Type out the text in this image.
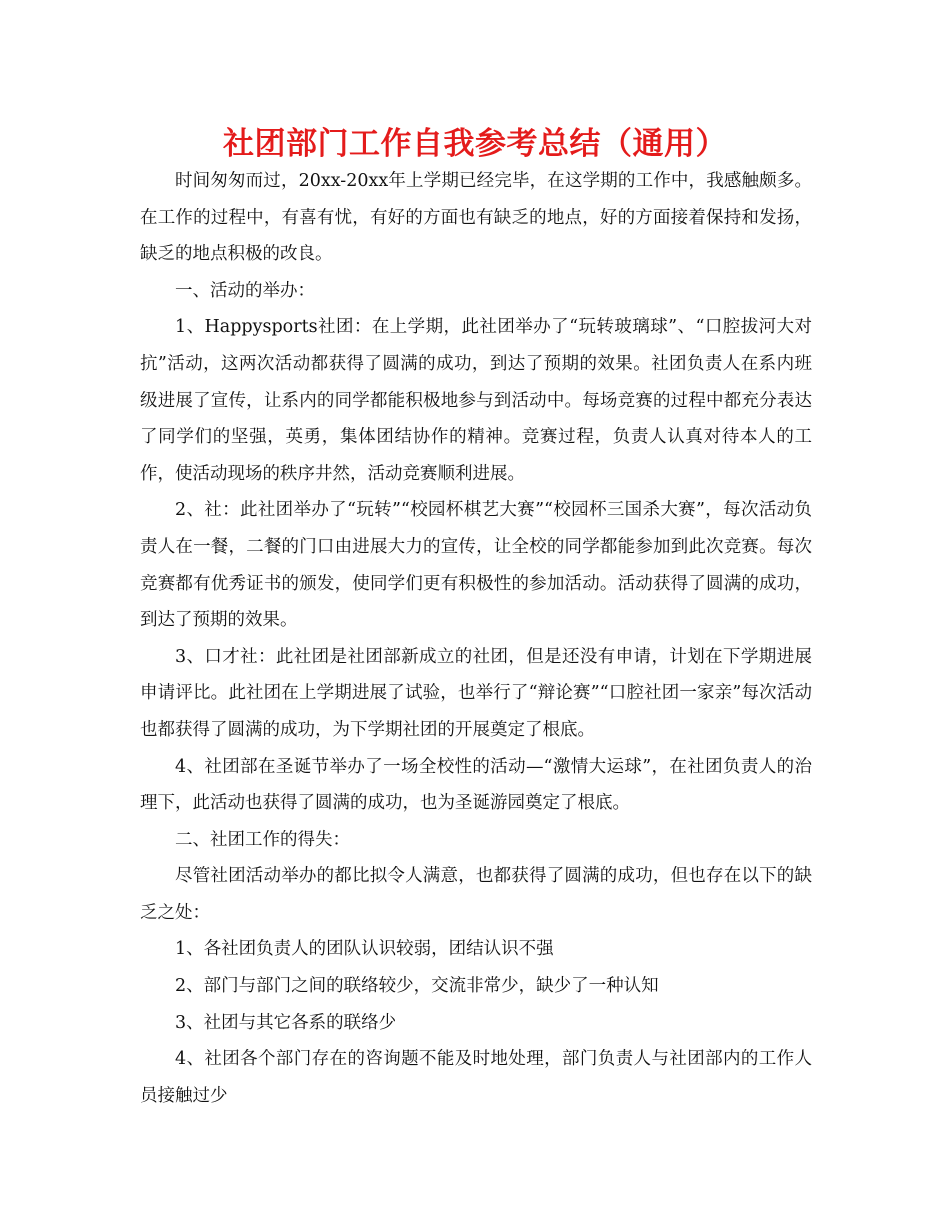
社团部门工作自我参考总结（通用）

时间匆匆而过，20xx-20xx年上学期已经完毕，在这学期的工作中，我感触颇多。在工作的过程中，有喜有忧，有好的方面也有缺乏的地点，好的方面接着保持和发扬，缺乏的地点积极的改良。

一、活动的举办：

1、Happysports社团：在上学期，此社团举办了“玩转玻璃球”、“口腔拔河大对抗”活动，这两次活动都获得了圆满的成功，到达了预期的效果。社团负责人在系内班级进展了宣传，让系内的同学都能积极地参与到活动中。每场竞赛的过程中都充分表达了同学们的坚强，英勇，集体团结协作的精神。竞赛过程，负责人认真对待本人的工作，使活动现场的秩序井然，活动竞赛顺利进展。

2、社：此社团举办了“玩转”“校园杯棋艺大赛”“校园杯三国杀大赛”，每次活动负责人在一餐，二餐的门口由进展大力的宣传，让全校的同学都能参加到此次竞赛。每次竞赛都有优秀证书的颁发，使同学们更有积极性的参加活动。活动获得了圆满的成功，到达了预期的效果。

3、口才社：此社团是社团部新成立的社团，但是还没有申请，计划在下学期进展申请评比。此社团在上学期进展了试验，也举行了“辩论赛”“口腔社团一家亲”每次活动也都获得了圆满的成功，为下学期社团的开展奠定了根底。

4、社团部在圣诞节举办了一场全校性的活动—“激情大运球”，在社团负责人的治理下，此活动也获得了圆满的成功，也为圣诞游园奠定了根底。

二、社团工作的得失：

尽管社团活动举办的都比拟令人满意，也都获得了圆满的成功，但也存在以下的缺乏之处：

1、各社团负责人的团队认识较弱，团结认识不强

2、部门与部门之间的联络较少，交流非常少，缺少了一种认知

3、社团与其它各系的联络少

4、社团各个部门存在的咨询题不能及时地处理，部门负责人与社团部内的工作人员接触过少
